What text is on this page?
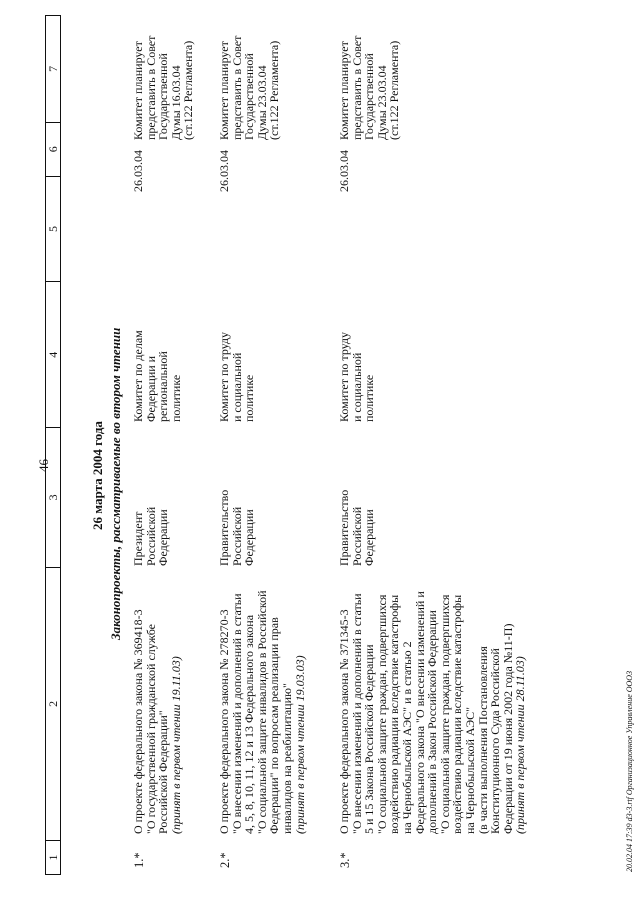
46
1
2
3
4
5
6
7
26 марта 2004 года Законопроекты, рассматриваемые во втором чтении
1.*
О проекте федерального закона № 369418-3
"О государственной гражданской службе
Российской Федерации"
(принят в первом чтении 19.11.03)
Президент
Российской
Федерации
Комитет по делам
Федерации и
региональной
политике
26.03.04
Комитет планирует
представить в Совет
Государственной
Думы 16.03.04
(ст.122 Регламента)
2.*
О проекте федерального закона № 278270-3
"О внесении изменений и дополнений в статьи
4, 5, 8, 10, 11, 12 и 13 Федерального закона
"О социальной защите инвалидов в Российской
Федерации" по вопросам реализации прав
инвалидов на реабилитацию"
(принят в первом чтении 19.03.03)
Правительство
Российской
Федерации
Комитет по труду
и социальной
политике
26.03.04
Комитет планирует
представить в Совет
Государственной
Думы 23.03.04
(ст.122 Регламента)
3.*
О проекте федерального закона № 371345-3
"О внесении изменений и дополнений в статьи
5 и 15 Закона Российской Федерации
"О социальной защите граждан, подвергшихся
воздействию радиации вследствие катастрофы
на Чернобыльской АЭС" и в статью 2
Федерального закона "О внесении изменений и
дополнений в Закон Российской Федерации
"О социальной защите граждан, подвергшихся
воздействию радиации вследствие катастрофы
на Чернобыльской АЭС"
(в части выполнения Постановления
Конституционного Суда Российской
Федерации от 19 июня 2002 года №11-П)
(принят в первом чтении 28.11.03)
Правительство
Российской
Федерации
Комитет по труду
и социальной
политике
26.03.04
Комитет планирует
представить в Совет
Государственной
Думы 23.03.04
(ст.122 Регламента)
20.02.04 17:39 d3-3.rtf Организационное Управление ООО3
